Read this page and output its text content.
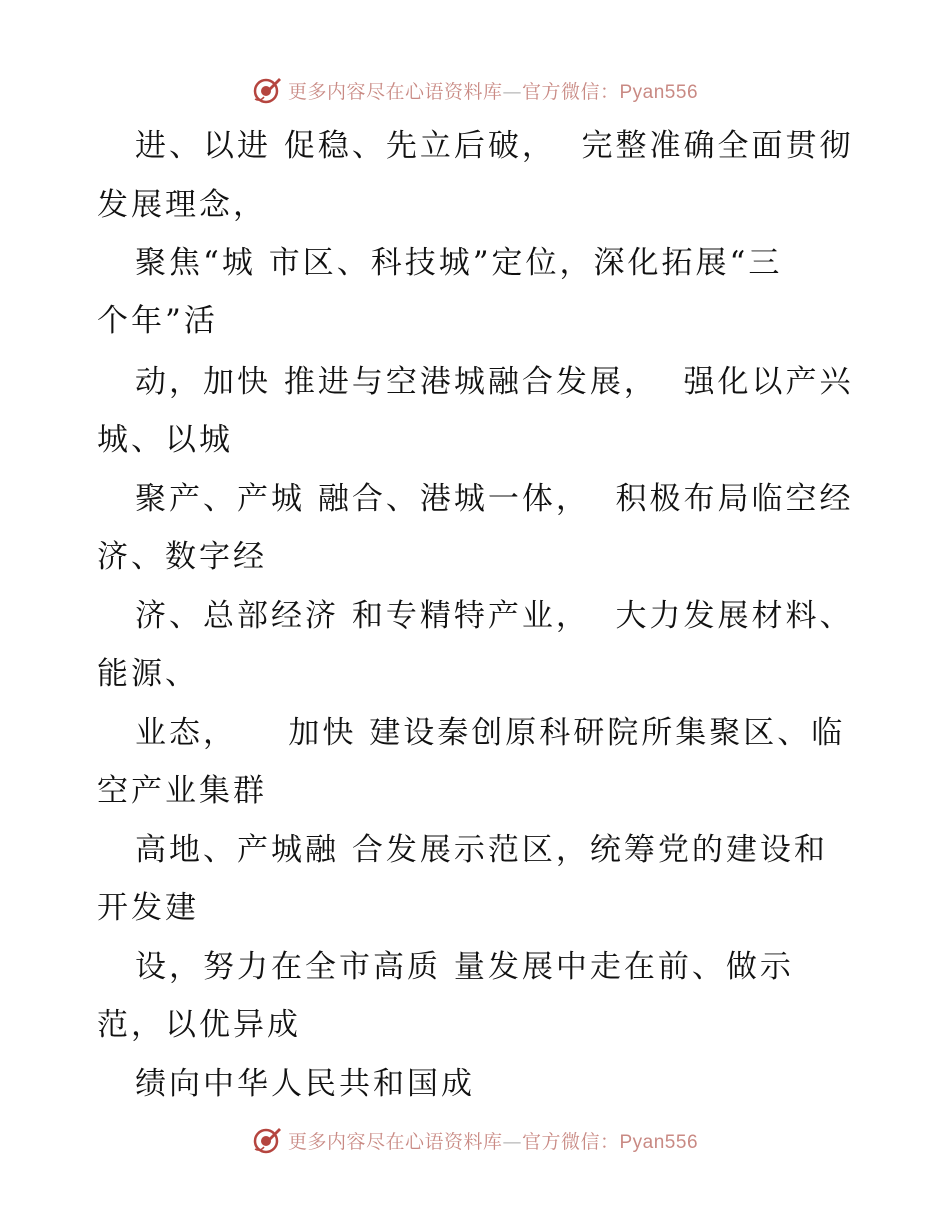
更多内容尽在心语资料库—官方微信：Pyan556
进、以进 促稳、先立后破，  完整准确全面贯彻
发展理念，
聚焦“城 市区、科技城”定位，深化拓展“三
个年”活
动，加快 推进与空港城融合发展，  强化以产兴
城、以城
聚产、产城 融合、港城一体，  积极布局临空经
济、数字经
济、总部经济 和专精特产业，  大力发展材料、
能源、
业态，    加快 建设秦创原科研院所集聚区、临
空产业集群
高地、产城融 合发展示范区，统筹党的建设和
开发建
设，努力在全市高质 量发展中走在前、做示
范，以优异成
绩向中华人民共和国成
更多内容尽在心语资料库—官方微信：Pyan556
